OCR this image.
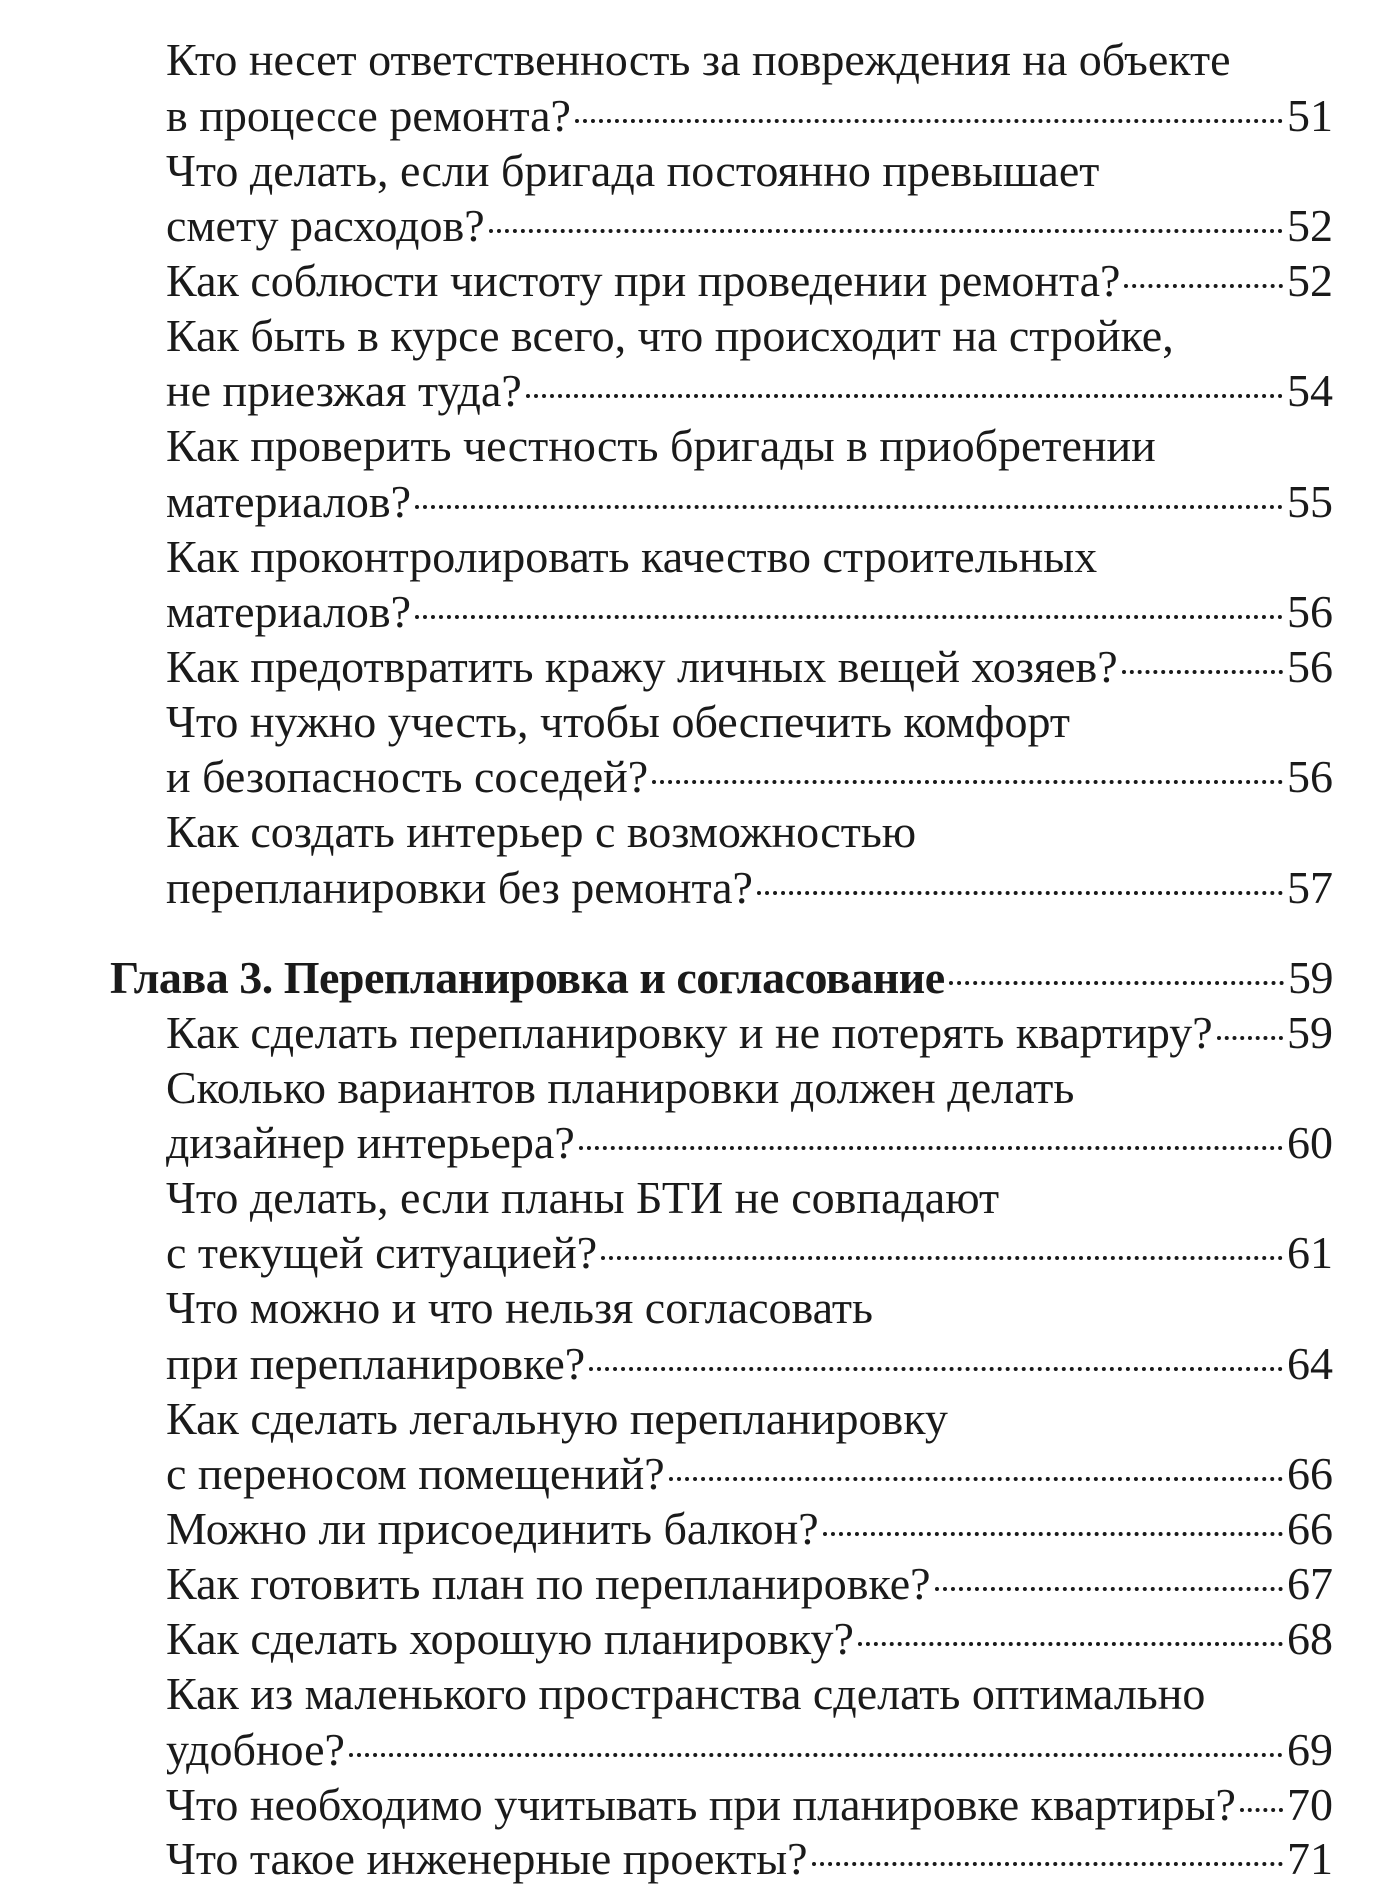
Кто несет ответственность за повреждения на объекте
в процессе ремонта?	51
Что делать, если бригада постоянно превышает
смету расходов?	52
Как соблюсти чистоту при проведении ремонта?	52
Как быть в курсе всего, что происходит на стройке,
не приезжая туда?	54
Как проверить честность бригады в приобретении
материалов?	55
Как проконтролировать качество строительных
материалов?	56
Как предотвратить кражу личных вещей хозяев?	56
Что нужно учесть, чтобы обеспечить комфорт
и безопасность соседей?	56
Как создать интерьер с возможностью
перепланировки без ремонта?	57
Глава 3. Перепланировка и согласование	59
Как сделать перепланировку и не потерять квартиру? 59
Сколько вариантов планировки должен делать
дизайнер интерьера?	60
Что делать, если планы БТИ не совпадают
с текущей ситуацией?	61
Что можно и что нельзя согласовать
при перепланировке?	64
Как сделать легальную перепланировку
с переносом помещений?	66
Можно ли присоединить балкон?	66
Как готовить план по перепланировке?	67
Как сделать хорошую планировку?	68
Как из маленького пространства сделать оптимально
удобное?	69
Что необходимо учитывать при планировке квартиры? 70
Что такое инженерные проекты?	71
